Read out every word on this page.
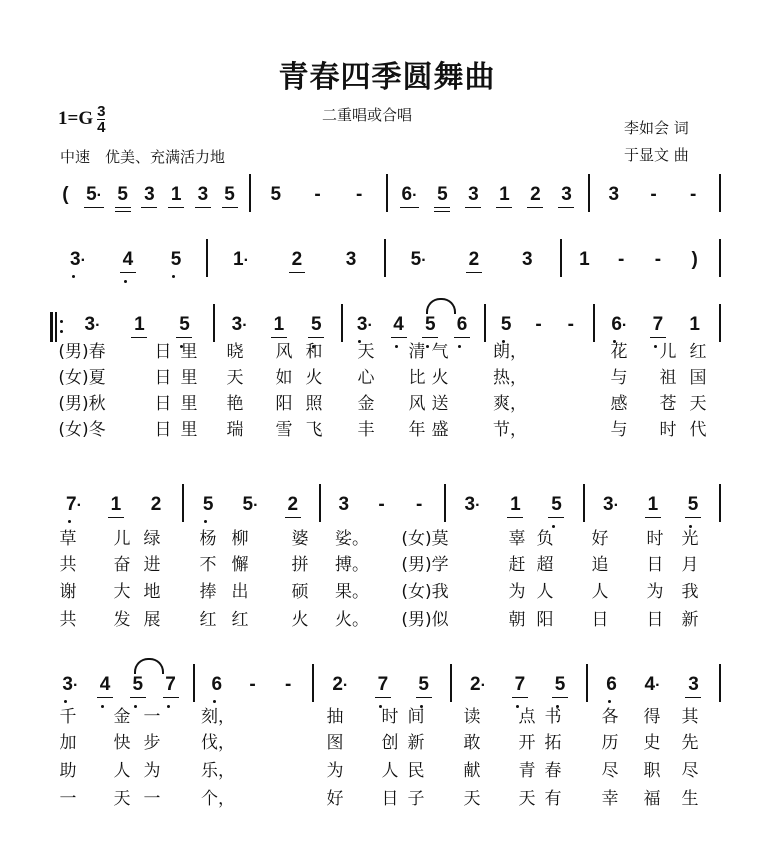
青春四季圆舞曲
$1=G \frac{3}{4}$	二重唱或合唱
中速　优美、充满活力地
李如会 词
于显文 曲
( 5· 5 3 1 3 5 5 - - 6· 5 3 1 2 3 3 - -
3· 4 5	1· 2 3	5· 2 3 1 - - )
3· 1 5 3· 1 5 3· 4 5 6 5 - - 6· 7 1
7· 1 2 5 5· 2 3 - - 3· 1 5 3· 1 5
3· 4 5 7 6 - - 2· 7 5 2· 7 5 6 4· 3
(男)春	日 里 晓 风 和 天 清 气	朗，	花 儿 红
(女)夏	日 里 天 如 火 心 比 火	热，	与 祖 国
(男)秋	日 里 艳 阳 照 金 风 送	爽，	感 苍 天
(女)冬	日 里 瑞 雪 飞 丰 年 盛	节，	与 时 代
草 儿 绿 杨 柳	婆 娑。 (女)莫	辜 负 好 时 光
共 奋 进 不 懈	拼 搏。 (男)学	赶 超 追 日 月
谢 大 地 捧 出	硕 果。 (女)我	为 人 人 为 我
共 发 展 红 红	火 火。 (男)似	朝 阳 日 日 新
千 金 一 刻，	抽 时 间 读 点 书 各 得 其
加 快 步 伐，	图 创 新 敢 开 拓 历 史 先
助 人 为 乐，	为 人 民 献 青 春 尽 职 尽
一 天 一 个，	好 日 子 天 天 有 幸 福 生
